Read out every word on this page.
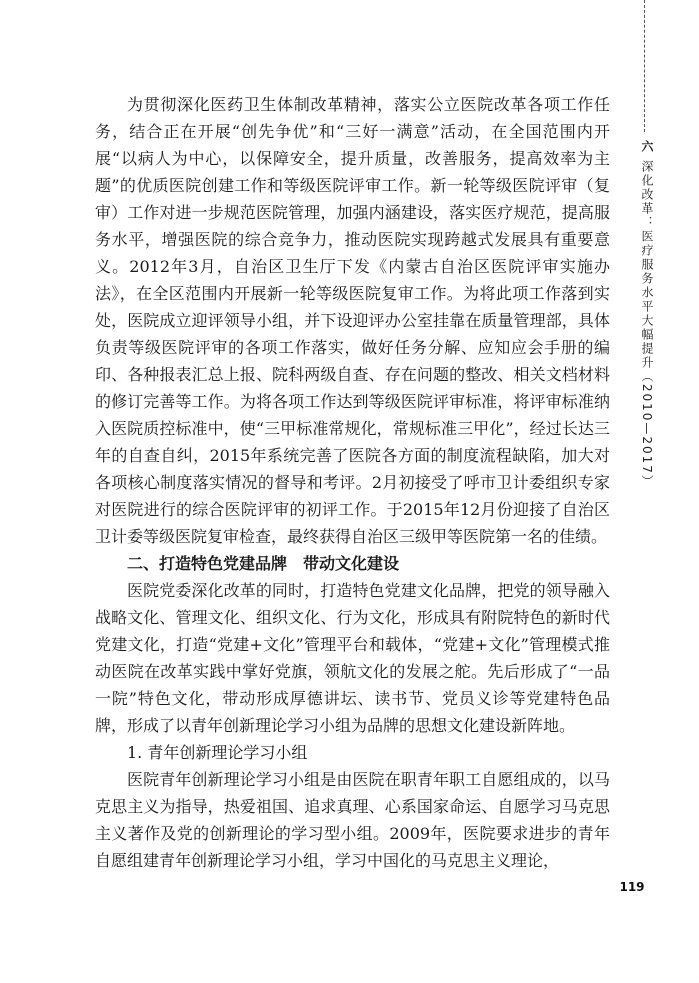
六 深化改革：医疗服务水平大幅提升（2010—2017）

为贯彻深化医药卫生体制改革精神，落实公立医院改革各项工作任务，结合正在开展“创先争优”和“三好一满意”活动，在全国范围内开展“以病人为中心，以保障安全，提升质量，改善服务，提高效率为主题”的优质医院创建工作和等级医院评审工作。新一轮等级医院评审（复审）工作对进一步规范医院管理，加强内涵建设，落实医疗规范，提高服务水平，增强医院的综合竞争力，推动医院实现跨越式发展具有重要意义。2012年3月，自治区卫生厅下发《内蒙古自治区医院评审实施办法》，在全区范围内开展新一轮等级医院复审工作。为将此项工作落到实处，医院成立迎评领导小组，并下设迎评办公室挂靠在质量管理部，具体负责等级医院评审的各项工作落实，做好任务分解、应知应会手册的编印、各种报表汇总上报、院科两级自查、存在问题的整改、相关文档材料的修订完善等工作。为将各项工作达到等级医院评审标准，将评审标准纳入医院质控标准中，使“三甲标准常规化，常规标准三甲化”，经过长达三年的自查自纠，2015年系统完善了医院各方面的制度流程缺陷，加大对各项核心制度落实情况的督导和考评。2月初接受了呼市卫计委组织专家对医院进行的综合医院评审的初评工作。于2015年12月份迎接了自治区卫计委等级医院复审检查，最终获得自治区三级甲等医院第一名的佳绩。

二、打造特色党建品牌　带动文化建设

医院党委深化改革的同时，打造特色党建文化品牌，把党的领导融入战略文化、管理文化、组织文化、行为文化，形成具有附院特色的新时代党建文化，打造“党建+文化”管理平台和载体，“党建+文化”管理模式推动医院在改革实践中掌好党旗，领航文化的发展之舵。先后形成了“一品一院”特色文化，带动形成厚德讲坛、读书节、党员义诊等党建特色品牌，形成了以青年创新理论学习小组为品牌的思想文化建设新阵地。

1. 青年创新理论学习小组

医院青年创新理论学习小组是由医院在职青年职工自愿组成的，以马克思主义为指导，热爱祖国、追求真理、心系国家命运、自愿学习马克思主义著作及党的创新理论的学习型小组。2009年，医院要求进步的青年自愿组建青年创新理论学习小组，学习中国化的马克思主义理论，

119
